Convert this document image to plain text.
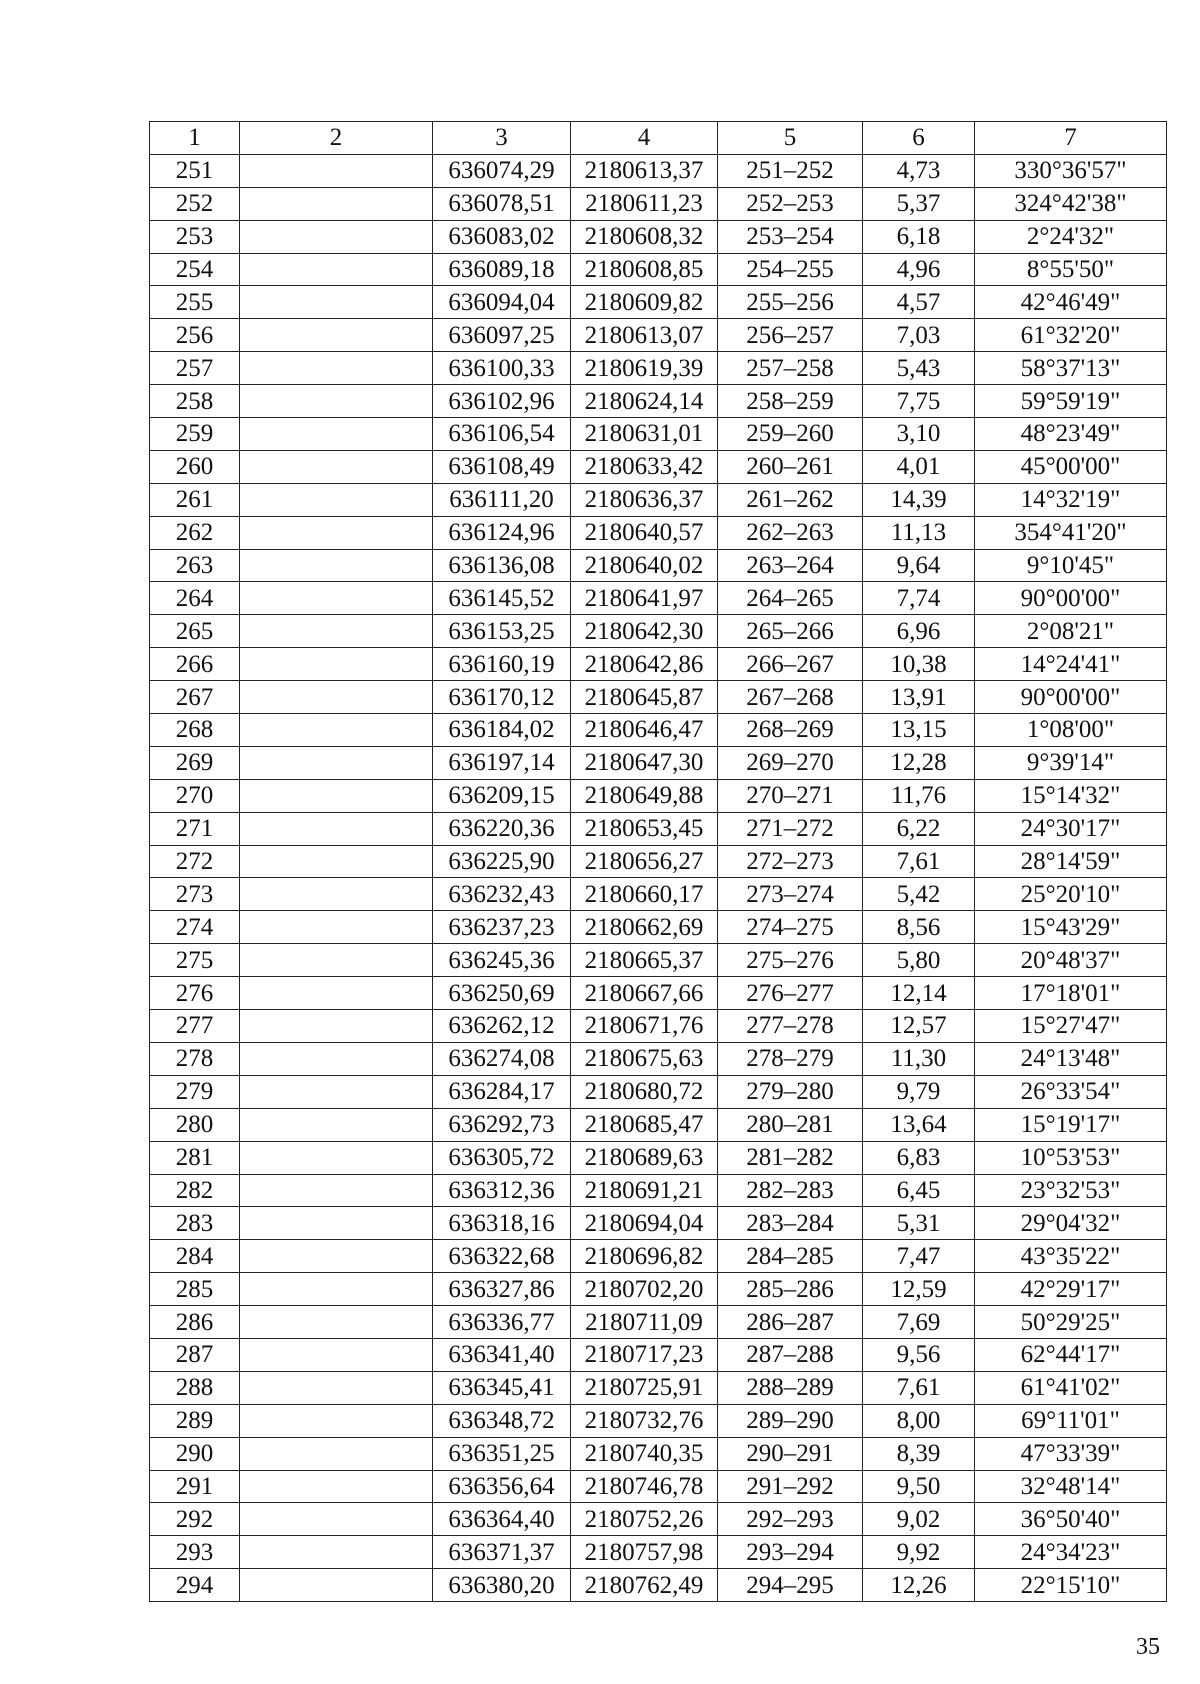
1	2	3	4	5	6	7
251		636074,29	2180613,37	251–252	4,73	330°36'57"
252		636078,51	2180611,23	252–253	5,37	324°42'38"
253		636083,02	2180608,32	253–254	6,18	2°24'32"
254		636089,18	2180608,85	254–255	4,96	8°55'50"
255		636094,04	2180609,82	255–256	4,57	42°46'49"
256		636097,25	2180613,07	256–257	7,03	61°32'20"
257		636100,33	2180619,39	257–258	5,43	58°37'13"
258		636102,96	2180624,14	258–259	7,75	59°59'19"
259		636106,54	2180631,01	259–260	3,10	48°23'49"
260		636108,49	2180633,42	260–261	4,01	45°00'00"
261		636111,20	2180636,37	261–262	14,39	14°32'19"
262		636124,96	2180640,57	262–263	11,13	354°41'20"
263		636136,08	2180640,02	263–264	9,64	9°10'45"
264		636145,52	2180641,97	264–265	7,74	90°00'00"
265		636153,25	2180642,30	265–266	6,96	2°08'21"
266		636160,19	2180642,86	266–267	10,38	14°24'41"
267		636170,12	2180645,87	267–268	13,91	90°00'00"
268		636184,02	2180646,47	268–269	13,15	1°08'00"
269		636197,14	2180647,30	269–270	12,28	9°39'14"
270		636209,15	2180649,88	270–271	11,76	15°14'32"
271		636220,36	2180653,45	271–272	6,22	24°30'17"
272		636225,90	2180656,27	272–273	7,61	28°14'59"
273		636232,43	2180660,17	273–274	5,42	25°20'10"
274		636237,23	2180662,69	274–275	8,56	15°43'29"
275		636245,36	2180665,37	275–276	5,80	20°48'37"
276		636250,69	2180667,66	276–277	12,14	17°18'01"
277		636262,12	2180671,76	277–278	12,57	15°27'47"
278		636274,08	2180675,63	278–279	11,30	24°13'48"
279		636284,17	2180680,72	279–280	9,79	26°33'54"
280		636292,73	2180685,47	280–281	13,64	15°19'17"
281		636305,72	2180689,63	281–282	6,83	10°53'53"
282		636312,36	2180691,21	282–283	6,45	23°32'53"
283		636318,16	2180694,04	283–284	5,31	29°04'32"
284		636322,68	2180696,82	284–285	7,47	43°35'22"
285		636327,86	2180702,20	285–286	12,59	42°29'17"
286		636336,77	2180711,09	286–287	7,69	50°29'25"
287		636341,40	2180717,23	287–288	9,56	62°44'17"
288		636345,41	2180725,91	288–289	7,61	61°41'02"
289		636348,72	2180732,76	289–290	8,00	69°11'01"
290		636351,25	2180740,35	290–291	8,39	47°33'39"
291		636356,64	2180746,78	291–292	9,50	32°48'14"
292		636364,40	2180752,26	292–293	9,02	36°50'40"
293		636371,37	2180757,98	293–294	9,92	24°34'23"
294		636380,20	2180762,49	294–295	12,26	22°15'10"
35
